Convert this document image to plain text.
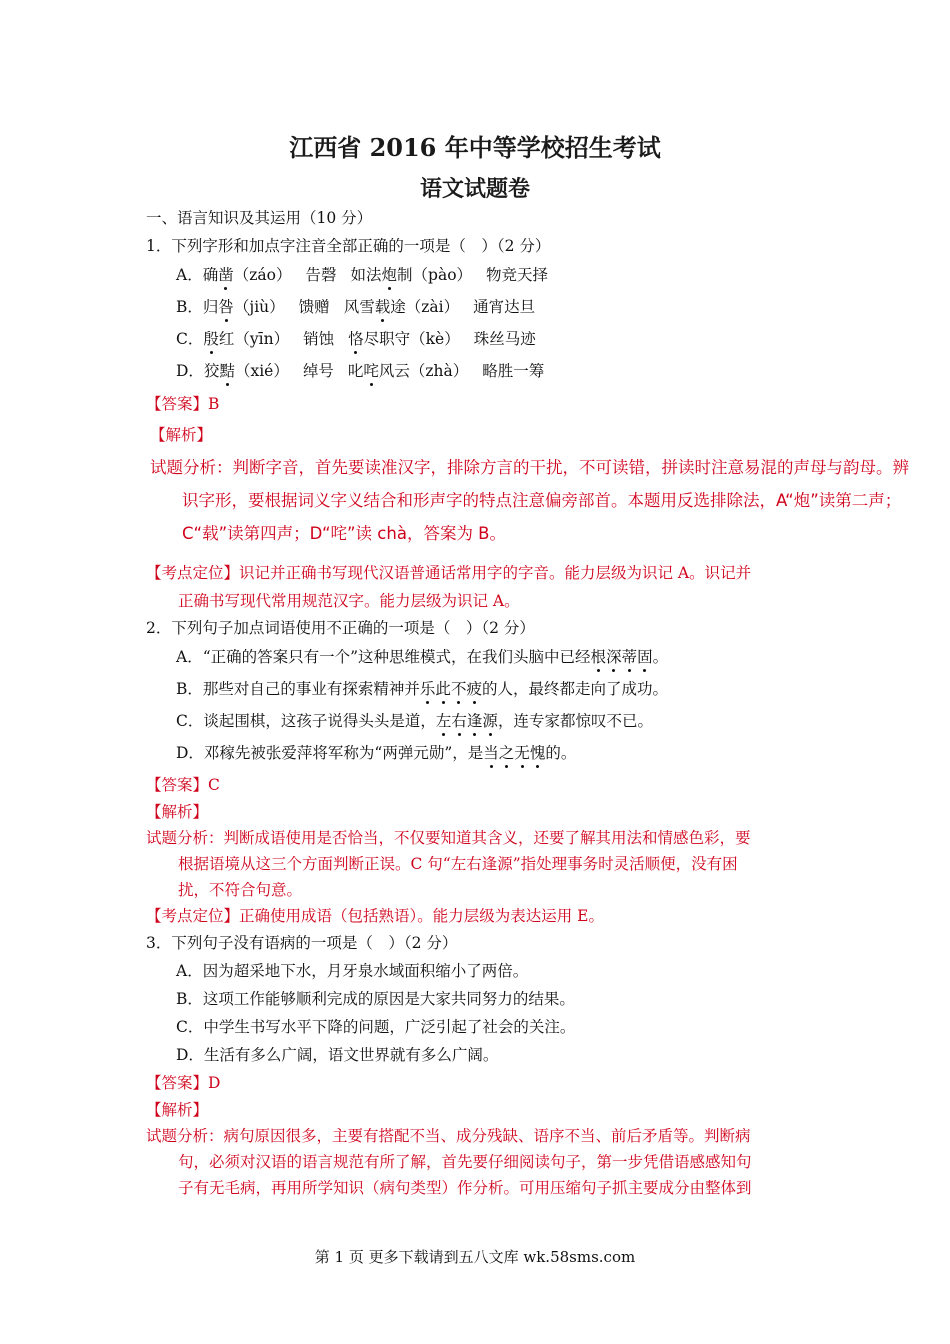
江西省 2016 年中等学校招生考试
语文试题卷
一、语言知识及其运用（10 分）
1．下列字形和加点字注音全部正确的一项是（　）（2 分）
A．确凿（záo） 告磬 如法炮制（pào） 物竞天择
B．归咎（jiù） 馈赠 风雪载途（zài） 通宵达旦
C．殷红（yīn） 销蚀 恪尽职守（kè） 珠丝马迹
D．狡黠（xié） 绰号 叱咤风云（zhà） 略胜一筹
【答案】B
【解析】
试题分析：判断字音，首先要读准汉字，排除方言的干扰，不可读错，拼读时注意易混的声母与韵母。辨
识字形，要根据词义字义结合和形声字的特点注意偏旁部首。本题用反选排除法，A“炮”读第二声；
C“载”读第四声；D“咤”读 chà，答案为 B。
【考点定位】识记并正确书写现代汉语普通话常用字的字音。能力层级为识记 A。识记并
正确书写现代常用规范汉字。能力层级为识记 A。
2．下列句子加点词语使用不正确的一项是（　）（2 分）
A．“正确的答案只有一个”这种思维模式，在我们头脑中已经根深蒂固。
B．那些对自己的事业有探索精神并乐此不疲的人，最终都走向了成功。
C．谈起围棋，这孩子说得头头是道，左右逢源，连专家都惊叹不已。
D．邓稼先被张爱萍将军称为“两弹元勋”，是当之无愧的。
【答案】C
【解析】
试题分析：判断成语使用是否恰当，不仅要知道其含义，还要了解其用法和情感色彩，要
根据语境从这三个方面判断正误。C 句“左右逢源”指处理事务时灵活顺便，没有困
扰，不符合句意。
【考点定位】正确使用成语（包括熟语）。能力层级为表达运用 E。
3．下列句子没有语病的一项是（　）（2 分）
A．因为超采地下水，月牙泉水域面积缩小了两倍。
B．这项工作能够顺利完成的原因是大家共同努力的结果。
C．中学生书写水平下降的问题，广泛引起了社会的关注。
D．生活有多么广阔，语文世界就有多么广阔。
【答案】D
【解析】
试题分析：病句原因很多，主要有搭配不当、成分残缺、语序不当、前后矛盾等。判断病
句，必须对汉语的语言规范有所了解，首先要仔细阅读句子，第一步凭借语感感知句
子有无毛病，再用所学知识（病句类型）作分析。可用压缩句子抓主要成分由整体到
第 1 页 更多下载请到五八文库 wk.58sms.com
